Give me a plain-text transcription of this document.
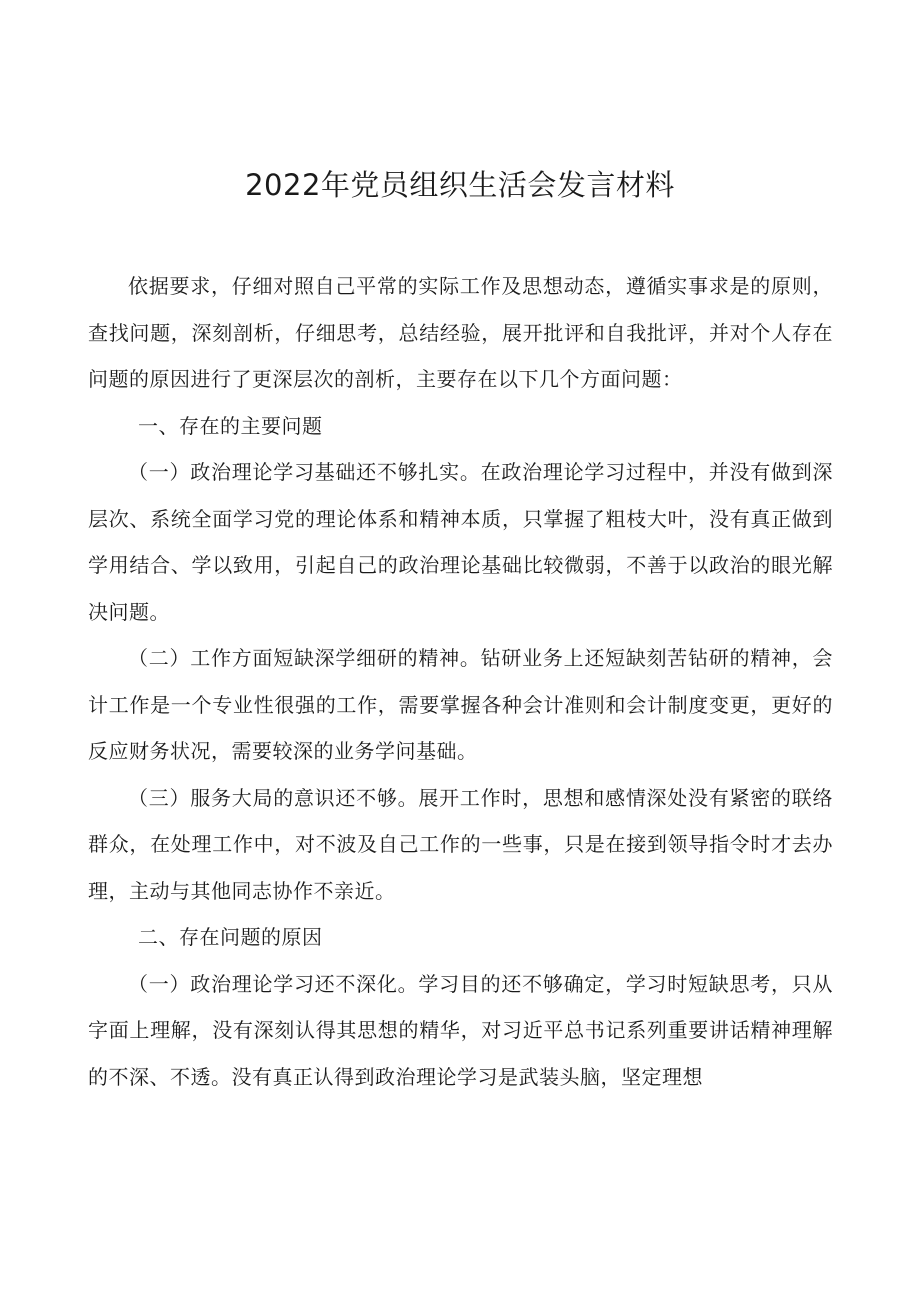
2022年党员组织生活会发言材料

依据要求，仔细对照自己平常的实际工作及思想动态，遵循实事求是的原则，查找问题，深刻剖析，仔细思考，总结经验，展开批评和自我批评，并对个人存在问题的原因进行了更深层次的剖析，主要存在以下几个方面问题：

一、存在的主要问题

（一）政治理论学习基础还不够扎实。在政治理论学习过程中，并没有做到深层次、系统全面学习党的理论体系和精神本质，只掌握了粗枝大叶，没有真正做到学用结合、学以致用，引起自己的政治理论基础比较微弱，不善于以政治的眼光解决问题。

（二）工作方面短缺深学细研的精神。钻研业务上还短缺刻苦钻研的精神，会计工作是一个专业性很强的工作，需要掌握各种会计准则和会计制度变更，更好的反应财务状况，需要较深的业务学问基础。

（三）服务大局的意识还不够。展开工作时，思想和感情深处没有紧密的联络群众，在处理工作中，对不波及自己工作的一些事，只是在接到领导指令时才去办理，主动与其他同志协作不亲近。

二、存在问题的原因

（一）政治理论学习还不深化。学习目的还不够确定，学习时短缺思考，只从字面上理解，没有深刻认得其思想的精华，对习近平总书记系列重要讲话精神理解的不深、不透。没有真正认得到政治理论学习是武装头脑，坚定理想
